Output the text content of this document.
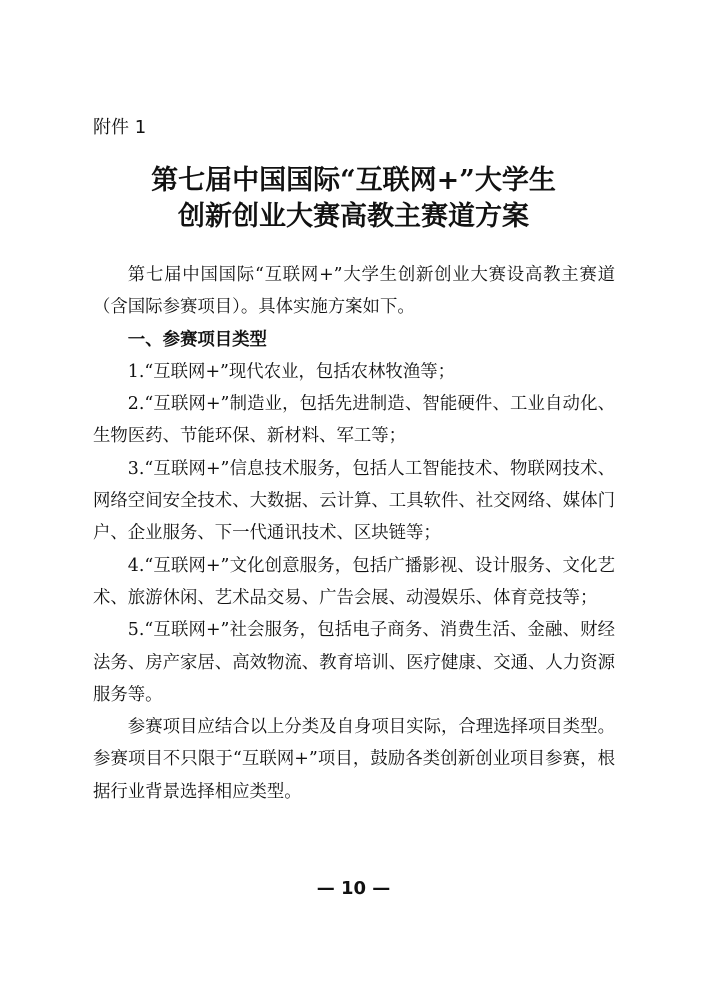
附件 1
第七届中国国际“互联网+”大学生
创新创业大赛高教主赛道方案

第七届中国国际“互联网+”大学生创新创业大赛设高教主赛道（含国际参赛项目）。具体实施方案如下。

一、参赛项目类型

1.“互联网+”现代农业，包括农林牧渔等；

2.“互联网+”制造业，包括先进制造、智能硬件、工业自动化、生物医药、节能环保、新材料、军工等；

3.“互联网+”信息技术服务，包括人工智能技术、物联网技术、网络空间安全技术、大数据、云计算、工具软件、社交网络、媒体门户、企业服务、下一代通讯技术、区块链等；

4.“互联网+”文化创意服务，包括广播影视、设计服务、文化艺术、旅游休闲、艺术品交易、广告会展、动漫娱乐、体育竞技等；

5.“互联网+”社会服务，包括电子商务、消费生活、金融、财经法务、房产家居、高效物流、教育培训、医疗健康、交通、人力资源服务等。

参赛项目应结合以上分类及自身项目实际，合理选择项目类型。参赛项目不只限于“互联网+”项目，鼓励各类创新创业项目参赛，根据行业背景选择相应类型。

— 10 —
